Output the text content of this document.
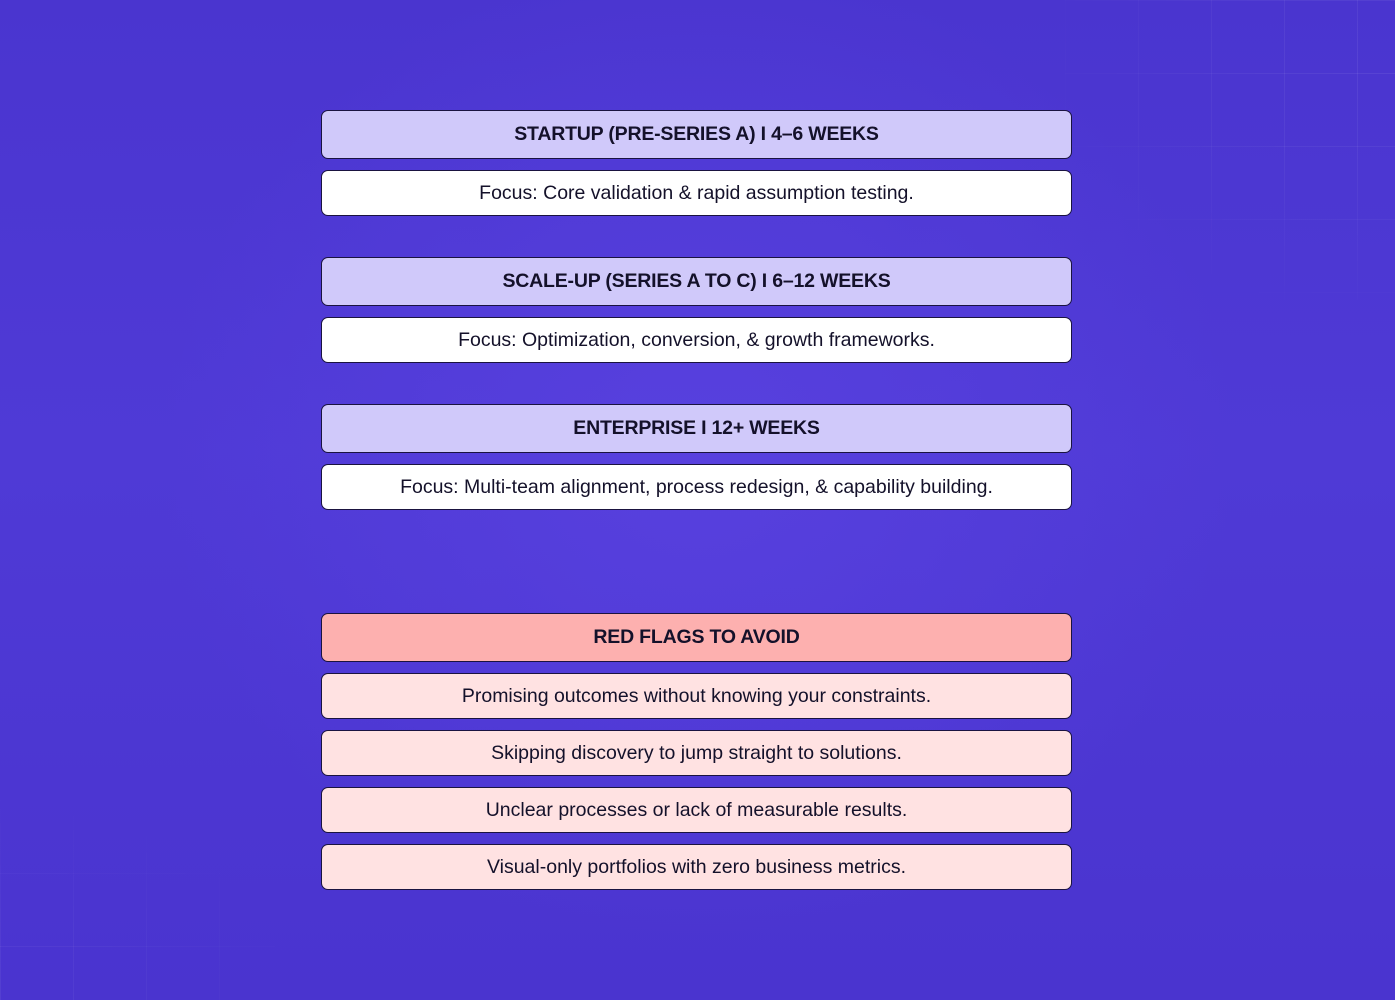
STARTUP (PRE-SERIES A) I 4–6 WEEKS
Focus: Core validation & rapid assumption testing.
SCALE-UP (SERIES A TO C) I 6–12 WEEKS
Focus: Optimization, conversion, & growth frameworks.
ENTERPRISE I 12+ WEEKS
Focus: Multi-team alignment, process redesign, & capability building.
RED FLAGS TO AVOID
Promising outcomes without knowing your constraints.
Skipping discovery to jump straight to solutions.
Unclear processes or lack of measurable results.
Visual-only portfolios with zero business metrics.
